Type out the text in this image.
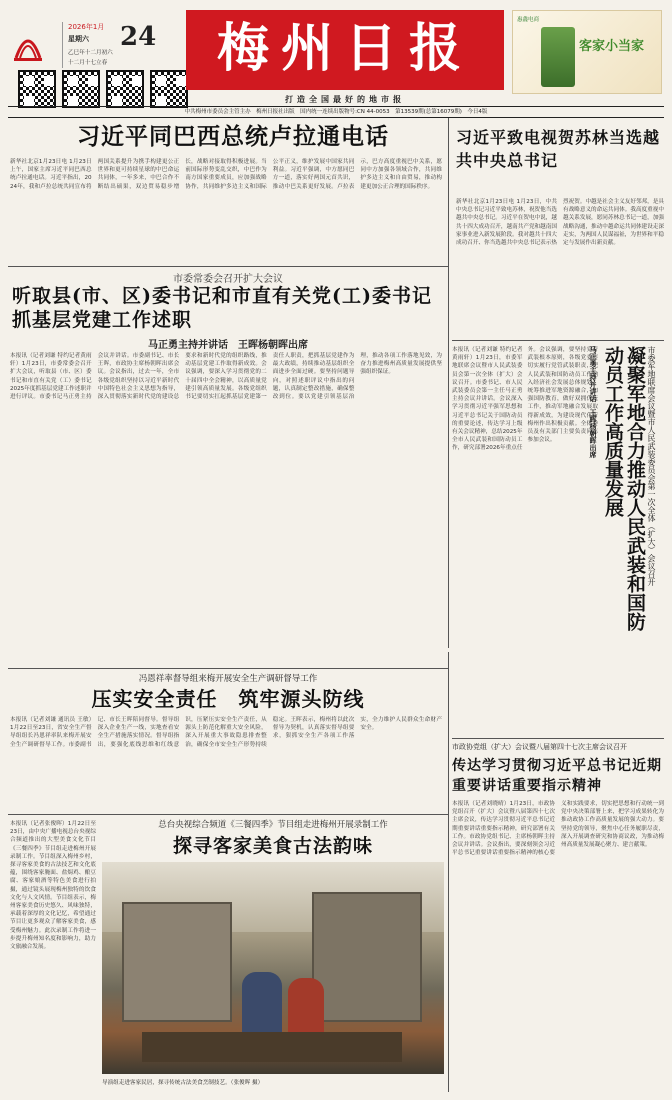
2026年1月
星期六 24
乙巳年十二月初六
十二月十七立春	梅州日报
打造全国最好的地市报
惠鑫电商
客家小当家
中共梅州市委员会主管主办　梅州日报社出版　国内统一连续出版物号:CN 44-0053　第13539期(总第16079期)　今日4版
习近平同巴西总统卢拉通电话
新华社北京1月23日电 1月23日上午，国家主席习近平同巴西总统卢拉通电话。习近平指出，2024年，我和卢拉总统共同宣布将两国关系提升为携手构建更公正世界和更可持续星球的中巴命运共同体，一年多来，中巴合作不断结出硕果，双边贸易稳步增长，战略对接取得积极进展。当前国际形势变乱交织，中巴作为南方国家重要成员，应加强战略协作，共同维护多边主义和国际公平正义，维护发展中国家共同利益。习近平强调，中方愿同巴方一道，落实好两国元首共识，推动中巴关系更好发展。卢拉表示，巴方高度重视巴中关系，愿同中方加强各领域合作，共同维护多边主义和自由贸易，推动构建更加公正合理的国际秩序。
习近平致电视贺苏林当选越共中央总书记
新华社北京1月23日电 1月23日，中共中央总书记习近平致电苏林，祝贺他当选越共中央总书记。习近平在贺电中说，越共十四大成功召开，越南共产党和越南国家事业进入新发展阶段。我对越共十四大成功召开、你当选越共中央总书记表示热烈祝贺。中越是社会主义友好邻邦，是具有战略意义的命运共同体。我高度重视中越关系发展，愿同苏林总书记一道，加强战略沟通，推动中越命运共同体建设走深走实，为两国人民谋福祉，为世界和平稳定与发展作出新贡献。
市委常委会召开扩大会议
听取县(市、区)委书记和市直有关党(工)委书记抓基层党建工作述职
马正勇主持并讲话　王晖杨朝晖出席
本报讯（记者刘谦 特约记者黄雨轩）1月23日，市委常委会召开扩大会议，听取县（市、区）委书记和市直有关党（工）委书记2025年度抓基层党建工作述职并进行评议。市委书记马正勇主持会议并讲话。市委副书记、市长王晖，市政协主席杨朝晖出席会议。会议指出，过去一年，全市各级党组织坚持以习近平新时代中国特色社会主义思想为指导，深入贯彻落实新时代党的建设总要求和新时代党的组织路线，推动基层党建工作取得新成效。会议强调，要深入学习贯彻党的二十届四中全会精神，以高质量党建引领高质量发展。各级党组织书记要切实扛起抓基层党建第一责任人职责，把抓基层党建作为最大政绩，持续推动基层组织全面进步全面过硬。要坚持问题导向，对照述职评议中指出的问题，认真制定整改措施，确保整改到位。要以党建引领基层治理，推动各项工作落地见效，为奋力推进梅州高质量发展提供坚强组织保证。
本报讯（记者刘谦 特约记者黄雨轩）1月23日，市委军地联席会议暨市人民武装委员会第一次全体（扩大）会议召开。市委书记、市人民武装委员会第一主任马正勇主持会议并讲话。会议深入学习贯彻习近平强军思想和习近平总书记关于国防动员的重要论述，传达学习上级有关会议精神，总结2025年全市人民武装和国防动员工作，研究部署2026年重点任务。会议强调，要坚持党管武装根本原则，各级党委要切实履行党管武装职责，把人民武装和国防动员工作纳入经济社会发展总体规划，统筹推进军地资源融合，加强国防教育，做好双拥优抚工作，推动军地融合发展取得新成效，为建设现代化新梅州作出积极贡献。全体委员及有关部门主要负责同志参加会议。	市委军地联席会议暨市人民武装委员会第一次全体（扩大）会议召开
凝聚军地合力推动人民武装和国防动员工作高质量发展
马正勇主持并讲话　王晖杨朝晖出席
冯恩祥率督导组来梅开展安全生产调研督导工作
压实安全责任　筑牢源头防线
本报讯（记者刘谦 通讯员 王敏）1月22日至23日，省安全生产督导组组长冯恩祥率队来梅开展安全生产调研督导工作。市委副书记、市长王晖陪同督导。督导组深入企业生产一线，实地查看安全生产措施落实情况。督导组指出，要强化底线思维和红线意识，压紧压实安全生产责任，从源头上防范化解重大安全风险，深入开展重大事故隐患排查整治，确保全市安全生产形势持续稳定。王晖表示，梅州将以此次督导为契机，认真落实督导组要求，狠抓安全生产各项工作落实，全力维护人民群众生命财产安全。
总台央视综合频道《三餐四季》节目组走进梅州开展录制工作
探寻客家美食古法韵味
本报讯（记者张俊晖）1月22日至23日，由中央广播电视总台央视综合频道推出的大型美食文化节目《三餐四季》节目组走进梅州开展录制工作。节目组深入梅州乡村，探寻客家美食的古法技艺和文化底蕴，围绕客家腌面、盐焗鸡、酿豆腐、客家娘酒等特色美食进行拍摄，通过镜头展现梅州独特的饮食文化与人文风情。节目组表示，梅州客家美食历史悠久、风味独特，承载着深厚的文化记忆，希望通过节目让更多观众了解客家美食，感受梅州魅力。此次录制工作将进一步提升梅州知名度和影响力，助力文旅融合发展。
导演组走进客家民居，探寻传统古法美食烹制技艺。（张俊晖 摄）
市政协党组（扩大）会议暨八届第四十七次主席会议召开
传达学习贯彻习近平总书记近期重要讲话重要指示精神
本报讯（记者刘晓晴）1月23日，市政协党组召开（扩大）会议暨八届第四十七次主席会议，传达学习贯彻习近平总书记近期重要讲话重要指示精神，研究部署有关工作。市政协党组书记、主席杨朝晖主持会议并讲话。会议指出，要深刻领会习近平总书记重要讲话重要指示精神的核心要义和实践要求，切实把思想和行动统一到党中央决策部署上来，把学习成果转化为推动政协工作高质量发展的强大动力。要坚持党的领导，聚焦中心任务履职尽责，深入开展调查研究和协商议政，为推动梅州高质量发展凝心聚力、建言献策。
